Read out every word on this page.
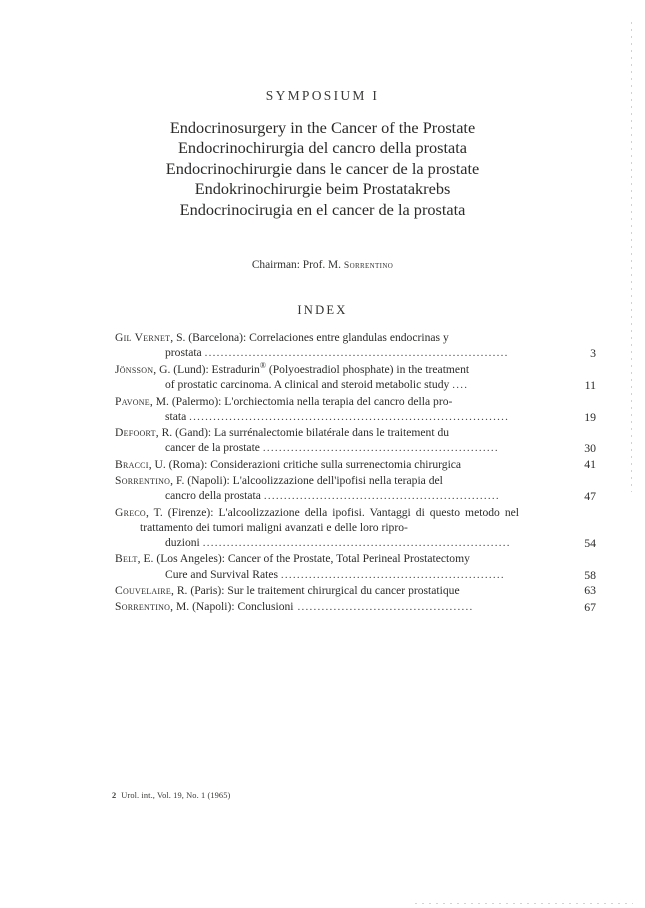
SYMPOSIUM I
Endocrinosurgery in the Cancer of the Prostate
Endocrinochirurgia del cancro della prostata
Endocrinochirurgie dans le cancer de la prostate
Endokrinochirurgie beim Prostatakrebs
Endocrinocirugia en el cancer de la prostata
Chairman: Prof. M. Sorrentino
INDEX
Gil Vernet, S. (Barcelona): Correlaciones entre glandulas endocrinas y
prostata ............................................................................	3
Jönsson, G. (Lund): Estradurin® (Polyoestradiol phosphate) in the treatment
of prostatic carcinoma. A clinical and steroid metabolic study ....	11
Pavone, M. (Palermo): L'orchiectomia nella terapia del cancro della pro-
stata ................................................................................	19
Defoort, R. (Gand): La surrénalectomie bilatérale dans le traitement du
cancer de la prostate ...........................................................	30
Bracci, U. (Roma): Considerazioni critiche sulla surrenectomia chirurgica	41
Sorrentino, F. (Napoli): L'alcoolizzazione dell'ipofisi nella terapia del
cancro della prostata ...........................................................	47
Greco, T. (Firenze): L'alcoolizzazione della ipofisi. Vantaggi di questo metodo nel trattamento dei tumori maligni avanzati e delle loro ripro-
duzioni .............................................................................	54
Belt, E. (Los Angeles): Cancer of the Prostate, Total Perineal Prostatectomy
Cure and Survival Rates ........................................................	58
Couvelaire, R. (Paris): Sur le traitement chirurgical du cancer prostatique	63
Sorrentino, M. (Napoli): Conclusioni ............................................	67
2 Urol. int., Vol. 19, No. 1 (1965)
